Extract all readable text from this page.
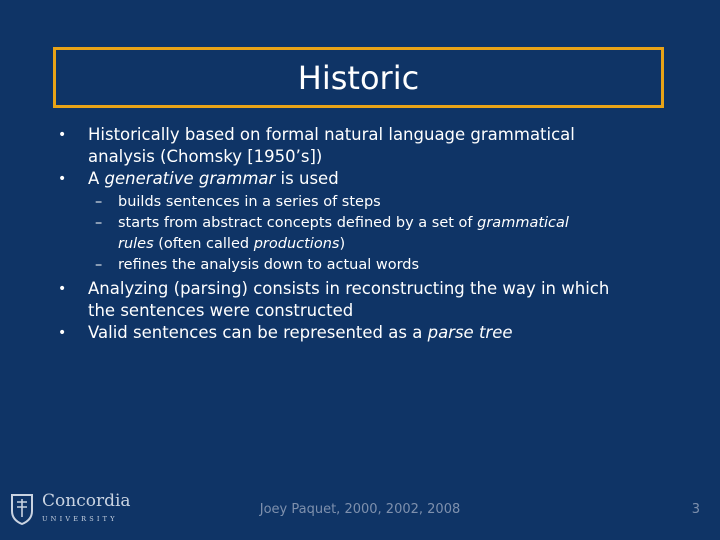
Historic
•	Historically based on formal natural language grammatical
analysis (Chomsky [1950’s])
•	A generative grammar is used
– builds sentences in a series of steps
– starts from abstract concepts defined by a set of grammatical
rules (often called productions)
– refines the analysis down to actual words
•	Analyzing (parsing) consists in reconstructing the way in which
the sentences were constructed
•	Valid sentences can be represented as a parse tree
Concordia
UNIVERSITY
Joey Paquet, 2000, 2002, 2008	3
